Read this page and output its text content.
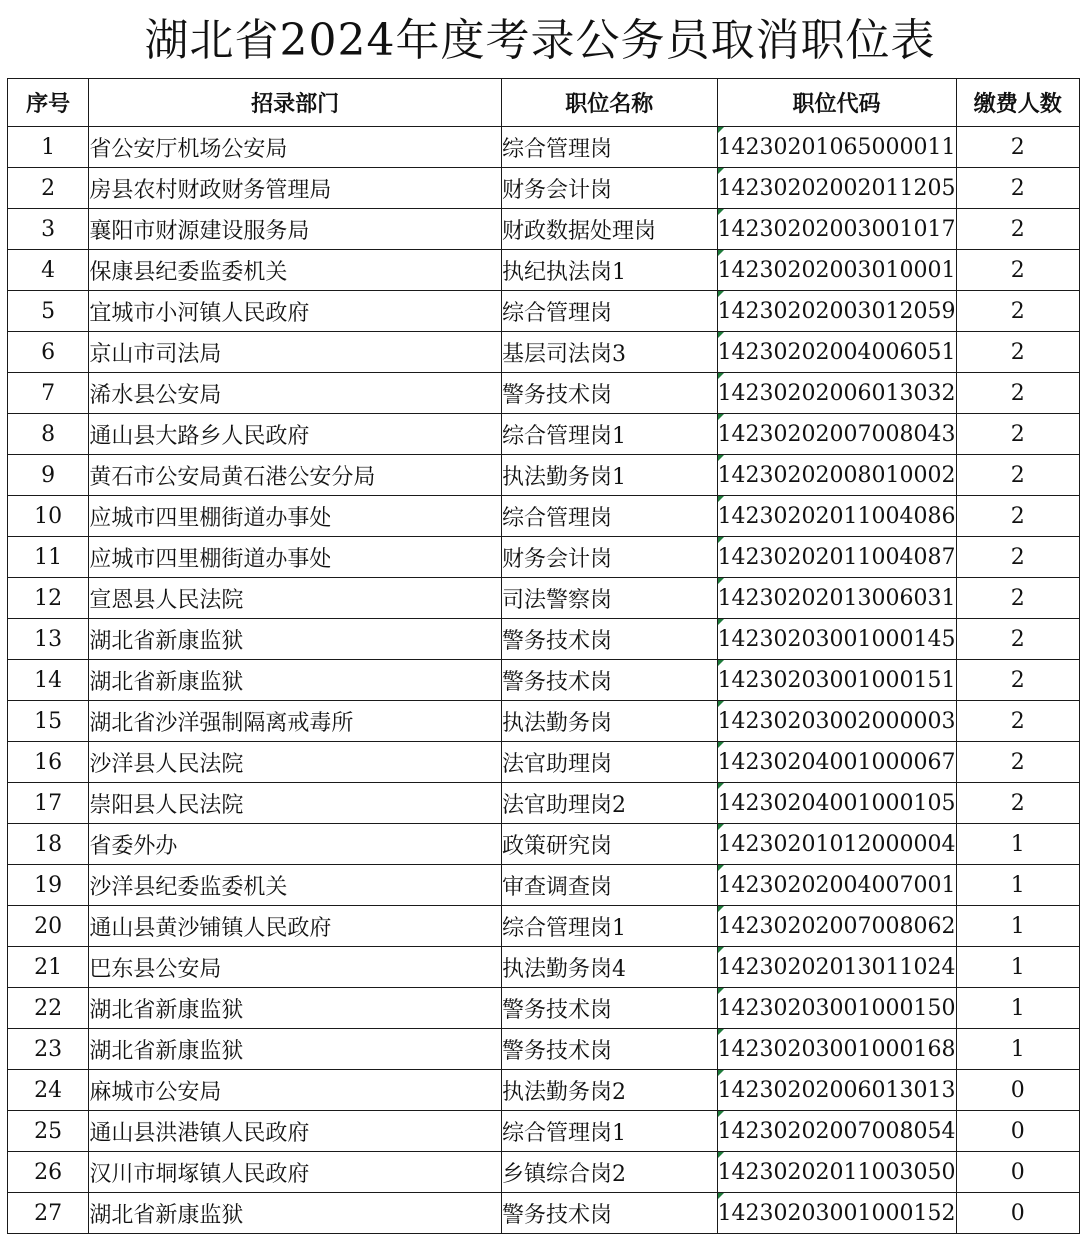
湖北省2024年度考录公务员取消职位表
序号	招录部门	职位名称	职位代码	缴费人数
1	省公安厅机场公安局	综合管理岗	14230201065000011	2
2	房县农村财政财务管理局	财务会计岗	14230202002011205	2
3	襄阳市财源建设服务局	财政数据处理岗	14230202003001017	2
4	保康县纪委监委机关	执纪执法岗1	14230202003010001	2
5	宜城市小河镇人民政府	综合管理岗	14230202003012059	2
6	京山市司法局	基层司法岗3	14230202004006051	2
7	浠水县公安局	警务技术岗	14230202006013032	2
8	通山县大路乡人民政府	综合管理岗1	14230202007008043	2
9	黄石市公安局黄石港公安分局	执法勤务岗1	14230202008010002	2
10	应城市四里棚街道办事处	综合管理岗	14230202011004086	2
11	应城市四里棚街道办事处	财务会计岗	14230202011004087	2
12	宣恩县人民法院	司法警察岗	14230202013006031	2
13	湖北省新康监狱	警务技术岗	14230203001000145	2
14	湖北省新康监狱	警务技术岗	14230203001000151	2
15	湖北省沙洋强制隔离戒毒所	执法勤务岗	14230203002000003	2
16	沙洋县人民法院	法官助理岗	14230204001000067	2
17	崇阳县人民法院	法官助理岗2	14230204001000105	2
18	省委外办	政策研究岗	14230201012000004	1
19	沙洋县纪委监委机关	审查调查岗	14230202004007001	1
20	通山县黄沙铺镇人民政府	综合管理岗1	14230202007008062	1
21	巴东县公安局	执法勤务岗4	14230202013011024	1
22	湖北省新康监狱	警务技术岗	14230203001000150	1
23	湖北省新康监狱	警务技术岗	14230203001000168	1
24	麻城市公安局	执法勤务岗2	14230202006013013	0
25	通山县洪港镇人民政府	综合管理岗1	14230202007008054	0
26	汉川市垌塚镇人民政府	乡镇综合岗2	14230202011003050	0
27	湖北省新康监狱	警务技术岗	14230203001000152	0
